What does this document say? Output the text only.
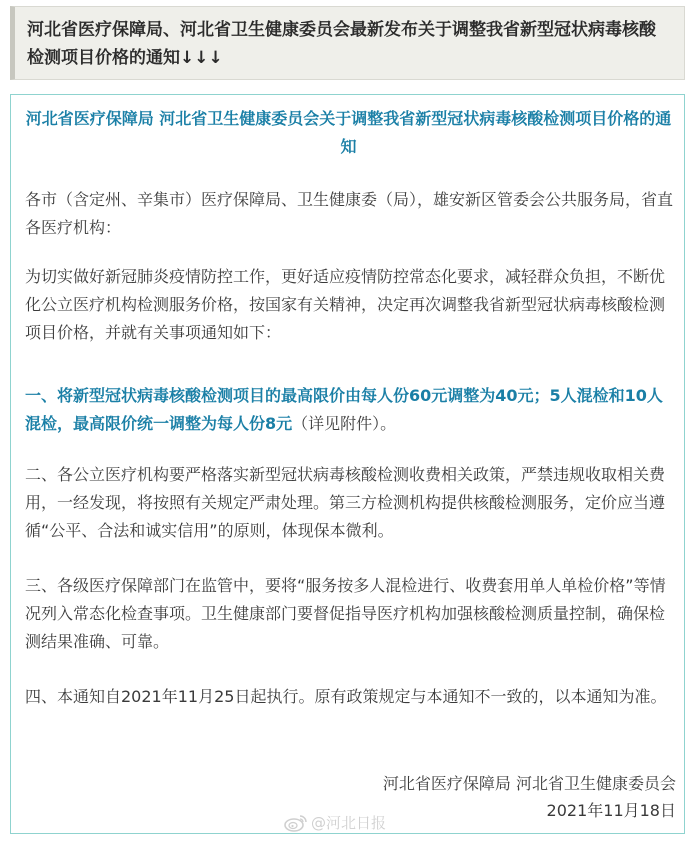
河北省医疗保障局、河北省卫生健康委员会最新发布关于调整我省新型冠状病毒核酸检测项目价格的通知↓↓↓
河北省医疗保障局 河北省卫生健康委员会关于调整我省新型冠状病毒核酸检测项目价格的通知
各市（含定州、辛集市）医疗保障局、卫生健康委（局），雄安新区管委会公共服务局，省直各医疗机构：
为切实做好新冠肺炎疫情防控工作，更好适应疫情防控常态化要求，减轻群众负担，不断优化公立医疗机构检测服务价格，按国家有关精神，决定再次调整我省新型冠状病毒核酸检测项目价格，并就有关事项通知如下：
一、将新型冠状病毒核酸检测项目的最高限价由每人份60元调整为40元；5人混检和10人混检，最高限价统一调整为每人份8元（详见附件）。
二、各公立医疗机构要严格落实新型冠状病毒核酸检测收费相关政策，严禁违规收取相关费用，一经发现，将按照有关规定严肃处理。第三方检测机构提供核酸检测服务，定价应当遵循“公平、合法和诚实信用”的原则，体现保本微利。
三、各级医疗保障部门在监管中，要将“服务按多人混检进行、收费套用单人单检价格”等情况列入常态化检查事项。卫生健康部门要督促指导医疗机构加强核酸检测质量控制，确保检测结果准确、可靠。
四、本通知自2021年11月25日起执行。原有政策规定与本通知不一致的，以本通知为准。
河北省医疗保障局 河北省卫生健康委员会
2021年11月18日
@河北日报
